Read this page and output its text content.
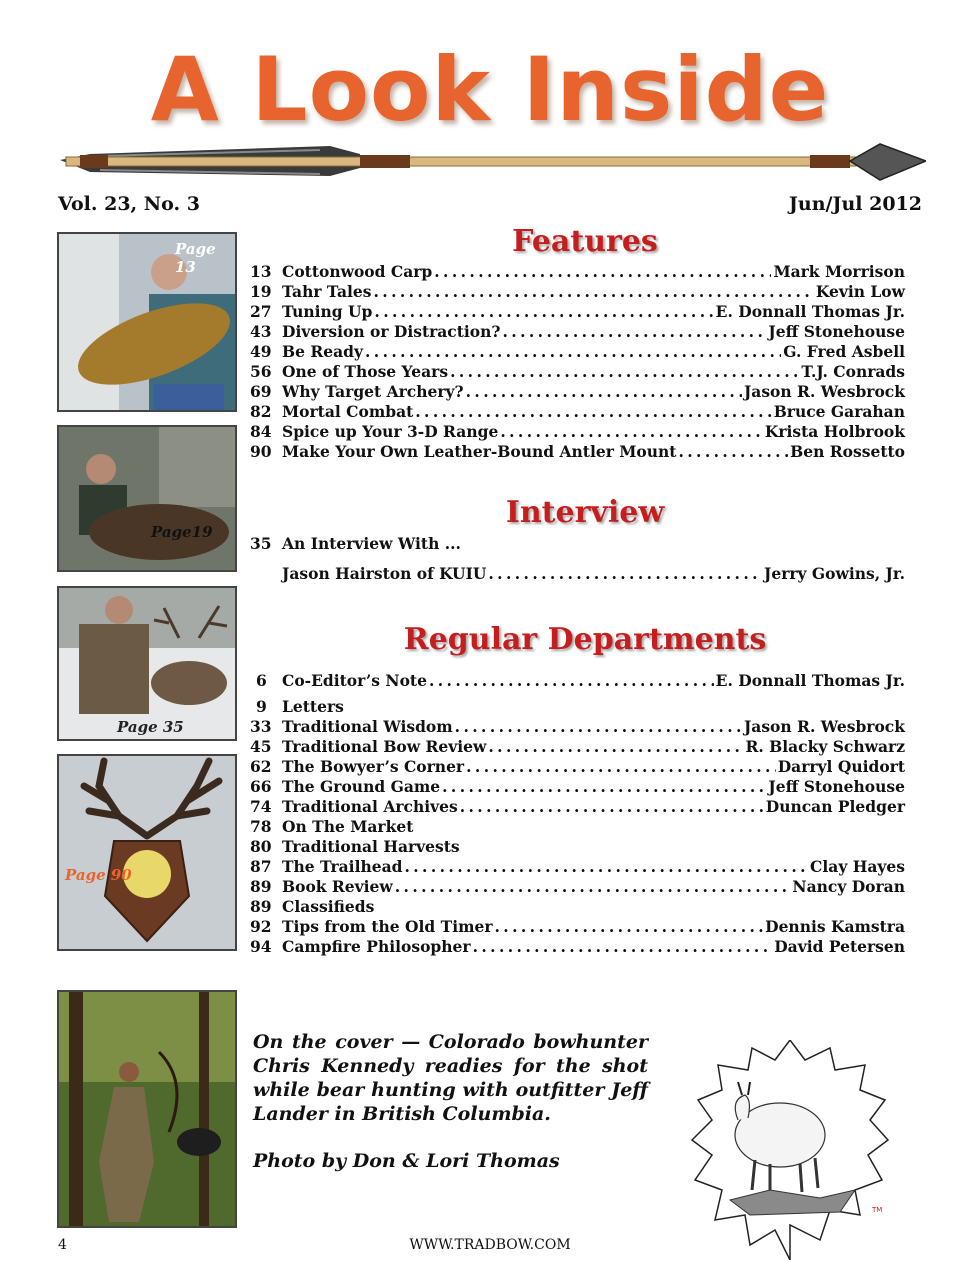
A Look Inside
Vol. 23, No. 3	Jun/Jul 2012
Page 13
Page19
Page 35
Page 90
Features
13 Cottonwood Carp . . .	Mark Morrison
19 Tahr Tales . . .	Kevin Low
27 Tuning Up . . .	E. Donnall Thomas Jr.
43 Diversion or Distraction? . . .	Jeff Stonehouse
49 Be Ready . . .	G. Fred Asbell
56 One of Those Years . . .	T.J. Conrads
69 Why Target Archery? . . .	Jason R. Wesbrock
82 Mortal Combat . . .	Bruce Garahan
84 Spice up Your 3-D Range . . .	Krista Holbrook
90 Make Your Own Leather-Bound Antler Mount . . .	Ben Rossetto
Interview
35 An Interview With ...
Jason Hairston of KUIU . . .	Jerry Gowins, Jr.
Regular Departments
6 Co-Editor’s Note . . .	E. Donnall Thomas Jr.
9 Letters
33 Traditional Wisdom . . .	Jason R. Wesbrock
45 Traditional Bow Review . . .	R. Blacky Schwarz
62 The Bowyer’s Corner . . .	Darryl Quidort
66 The Ground Game . . .	Jeff Stonehouse
74 Traditional Archives . . .	Duncan Pledger
78 On The Market
80 Traditional Harvests
87 The Trailhead . . .	Clay Hayes
89 Book Review . . .	Nancy Doran
89 Classifieds
92 Tips from the Old Timer . . .	Dennis Kamstra
94 Campfire Philosopher . . .	David Petersen
On the cover — Colorado bowhunter Chris Kennedy readies for the shot while bear hunting with outfitter Jeff Lander in British Columbia.
Photo by Don & Lori Thomas
TM
4	WWW.TRADBOW.COM
